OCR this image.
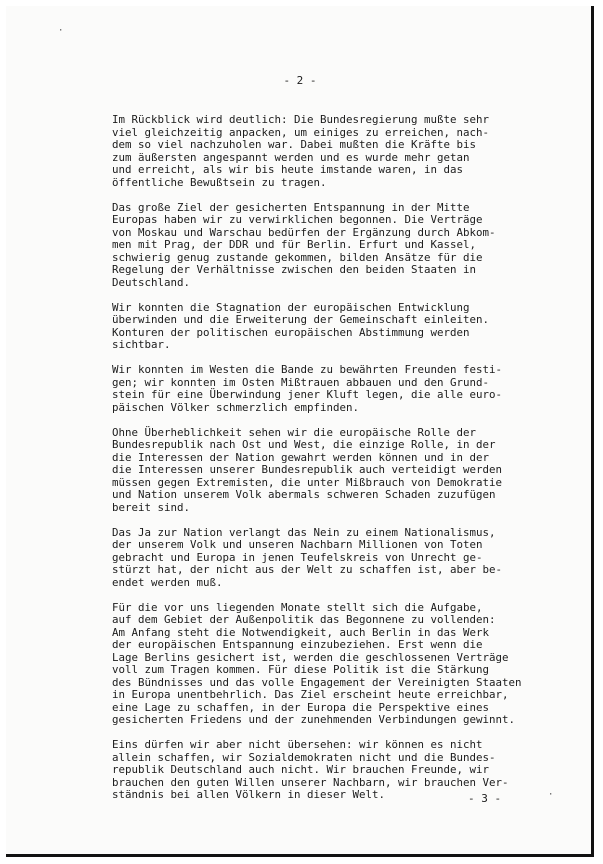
- 2 -

Im Rückblick wird deutlich: Die Bundesregierung mußte sehr
viel gleichzeitig anpacken, um einiges zu erreichen, nach-
dem so viel nachzuholen war. Dabei mußten die Kräfte bis
zum äußersten angespannt werden und es wurde mehr getan
und erreicht, als wir bis heute imstande waren, in das
öffentliche Bewußtsein zu tragen.

Das große Ziel der gesicherten Entspannung in der Mitte
Europas haben wir zu verwirklichen begonnen. Die Verträge
von Moskau und Warschau bedürfen der Ergänzung durch Abkom-
men mit Prag, der DDR und für Berlin. Erfurt und Kassel,
schwierig genug zustande gekommen, bilden Ansätze für die
Regelung der Verhältnisse zwischen den beiden Staaten in
Deutschland.

Wir konnten die Stagnation der europäischen Entwicklung
überwinden und die Erweiterung der Gemeinschaft einleiten.
Konturen der politischen europäischen Abstimmung werden
sichtbar.

Wir konnten im Westen die Bande zu bewährten Freunden festi-
gen; wir konnten im Osten Mißtrauen abbauen und den Grund-
stein für eine Überwindung jener Kluft legen, die alle euro-
päischen Völker schmerzlich empfinden.

Ohne Überheblichkeit sehen wir die europäische Rolle der
Bundesrepublik nach Ost und West, die einzige Rolle, in der
die Interessen der Nation gewahrt werden können und in der
die Interessen unserer Bundesrepublik auch verteidigt werden
müssen gegen Extremisten, die unter Mißbrauch von Demokratie
und Nation unserem Volk abermals schweren Schaden zuzufügen
bereit sind.

Das Ja zur Nation verlangt das Nein zu einem Nationalismus,
der unserem Volk und unseren Nachbarn Millionen von Toten
gebracht und Europa in jenen Teufelskreis von Unrecht ge-
stürzt hat, der nicht aus der Welt zu schaffen ist, aber be-
endet werden muß.

Für die vor uns liegenden Monate stellt sich die Aufgabe,
auf dem Gebiet der Außenpolitik das Begonnene zu vollenden:
Am Anfang steht die Notwendigkeit, auch Berlin in das Werk
der europäischen Entspannung einzubeziehen. Erst wenn die
Lage Berlins gesichert ist, werden die geschlossenen Verträge
voll zum Tragen kommen. Für diese Politik ist die Stärkung
des Bündnisses und das volle Engagement der Vereinigten Staaten
in Europa unentbehrlich. Das Ziel erscheint heute erreichbar,
eine Lage zu schaffen, in der Europa die Perspektive eines
gesicherten Friedens und der zunehmenden Verbindungen gewinnt.

Eins dürfen wir aber nicht übersehen: wir können es nicht
allein schaffen, wir Sozialdemokraten nicht und die Bundes-
republik Deutschland auch nicht. Wir brauchen Freunde, wir
brauchen den guten Willen unserer Nachbarn, wir brauchen Ver-
ständnis bei allen Völkern in dieser Welt.	- 3 -
·
·
